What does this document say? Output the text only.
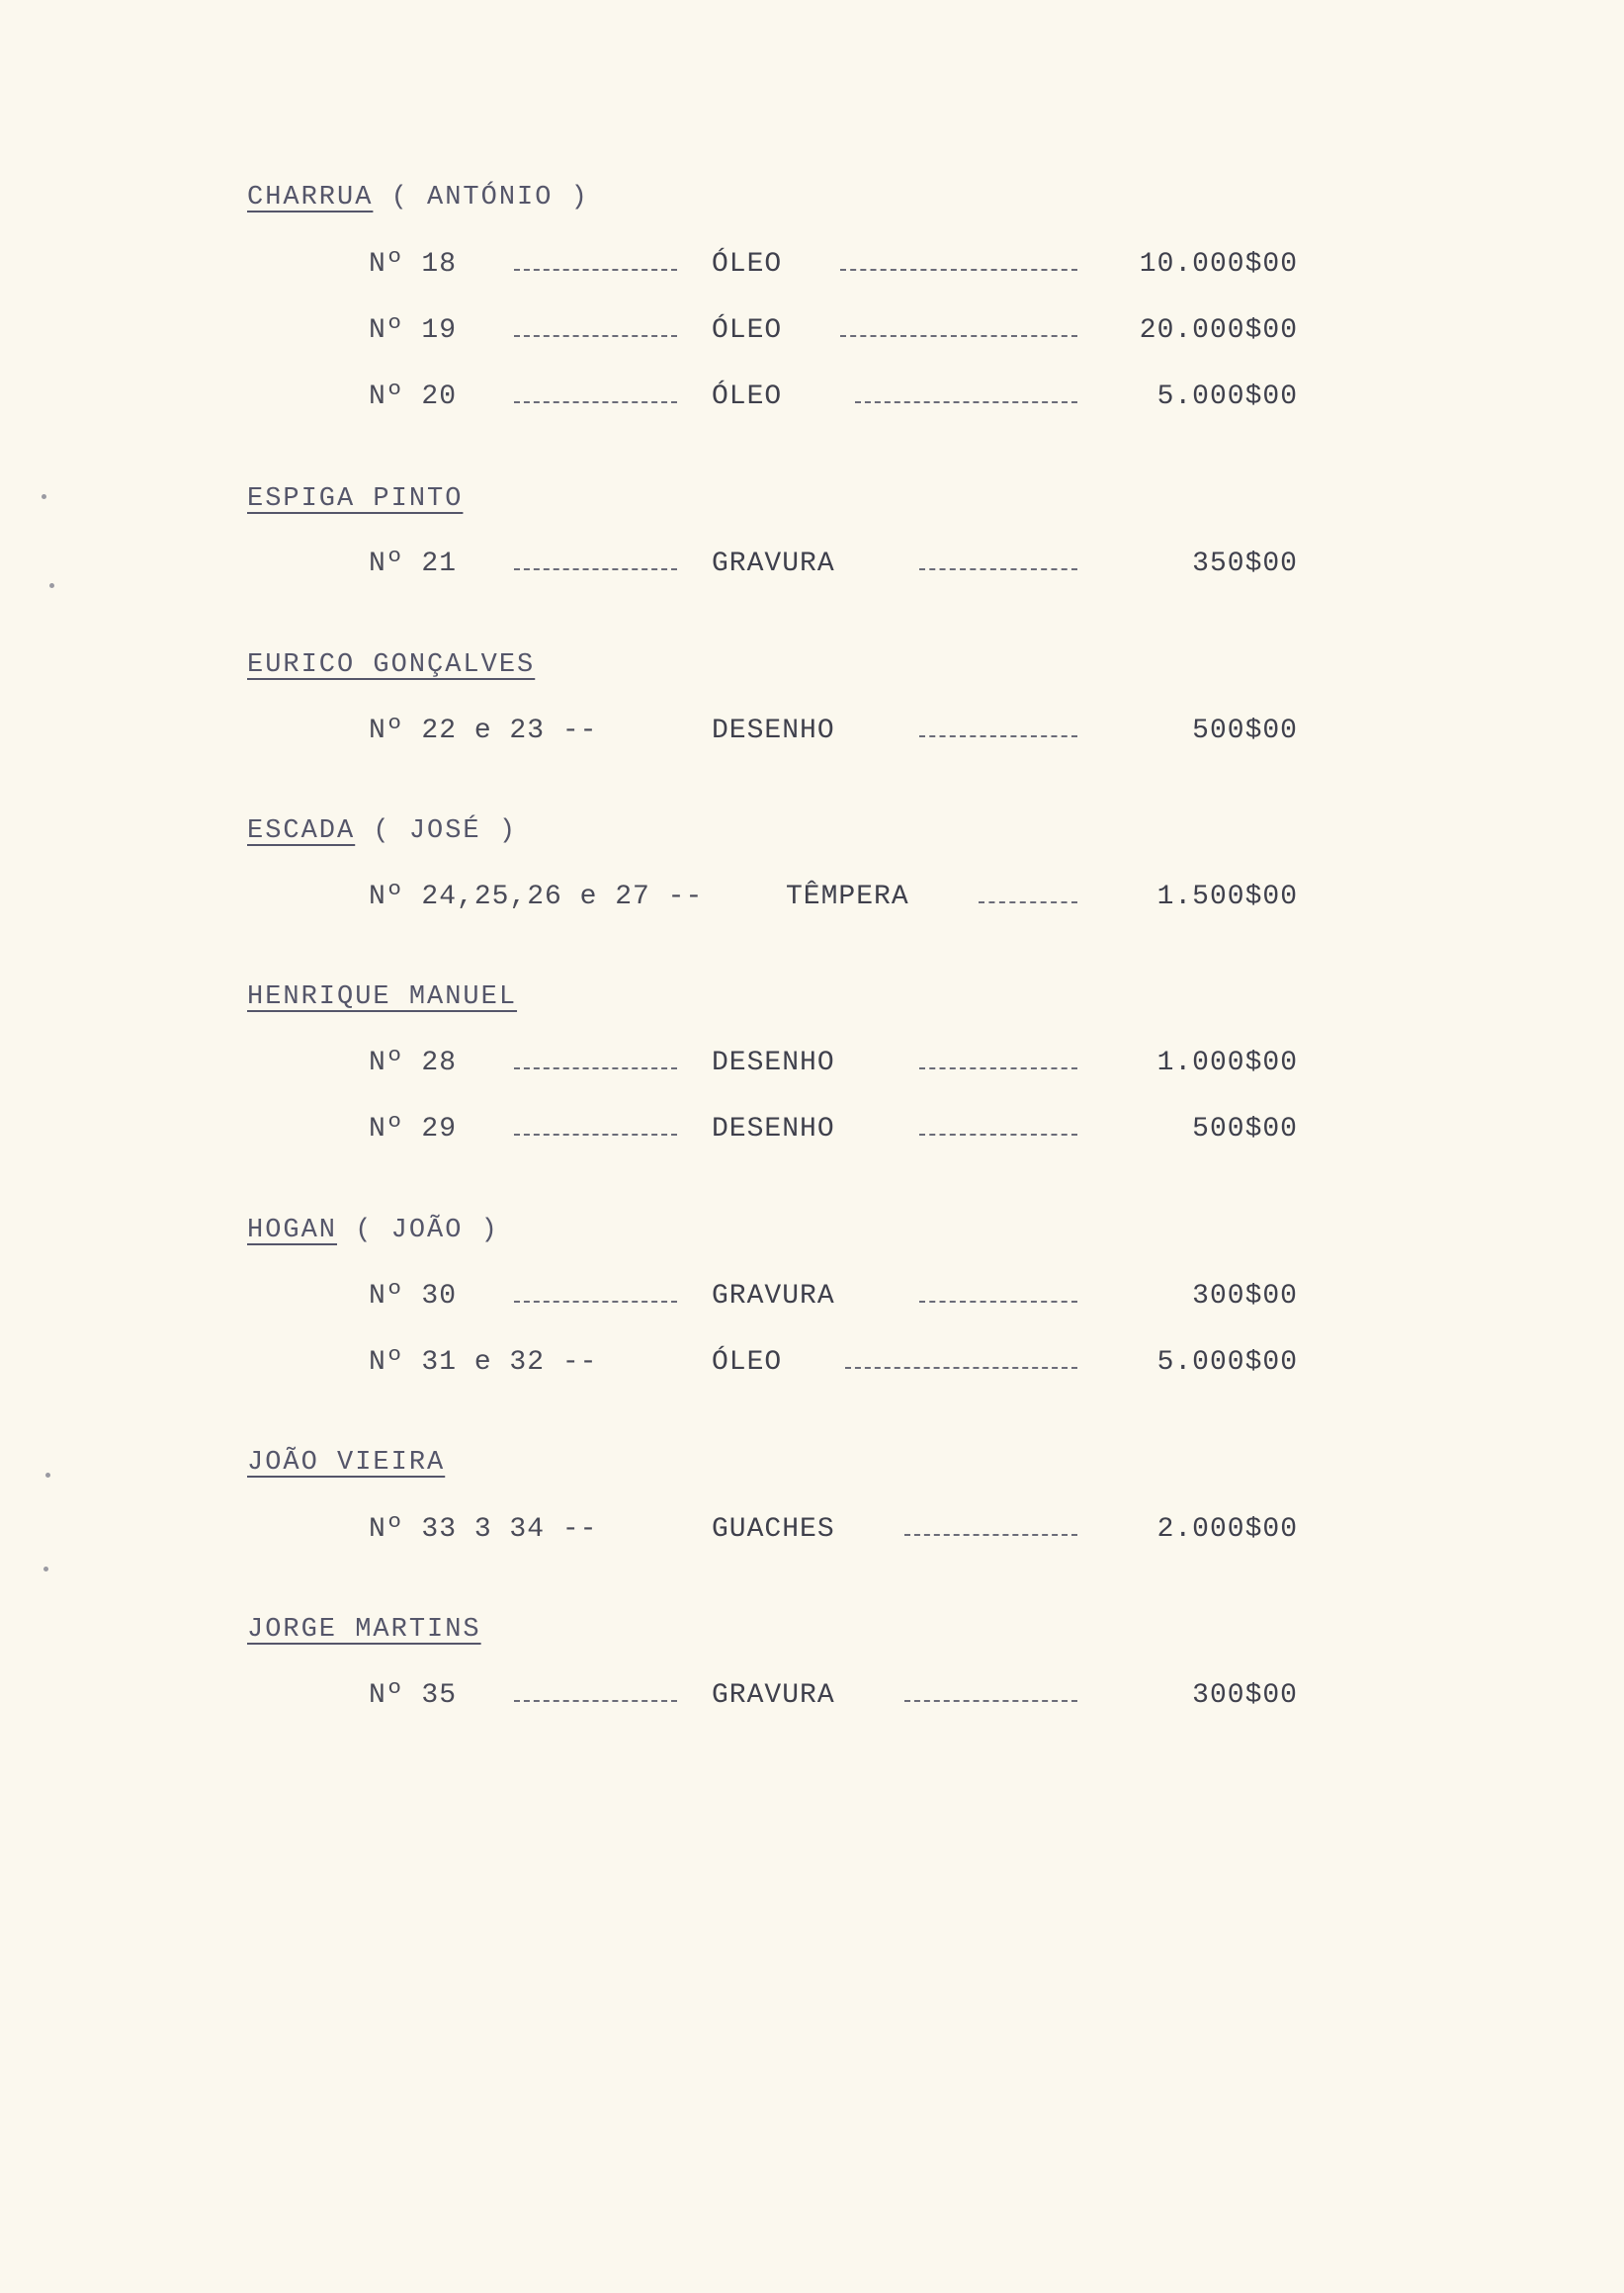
CHARRUA ( ANTÓNIO )
Nº 18	ÓLEO	10.000$00
Nº 19	ÓLEO	20.000$00
Nº 20	ÓLEO	5.000$00
ESPIGA PINTO
Nº 21	GRAVURA	350$00
EURICO GONÇALVES
Nº 22 e 23 --	DESENHO	500$00
ESCADA ( JOSÉ )
Nº 24,25,26 e 27 --	TÊMPERA	1.500$00
HENRIQUE MANUEL
Nº 28	DESENHO	1.000$00
Nº 29	DESENHO	500$00
HOGAN ( JOÃO )
Nº 30	GRAVURA	300$00
Nº 31 e 32 --	ÓLEO	5.000$00
JOÃO VIEIRA
Nº 33 3 34 --	GUACHES	2.000$00
JORGE MARTINS
Nº 35	GRAVURA	300$00
